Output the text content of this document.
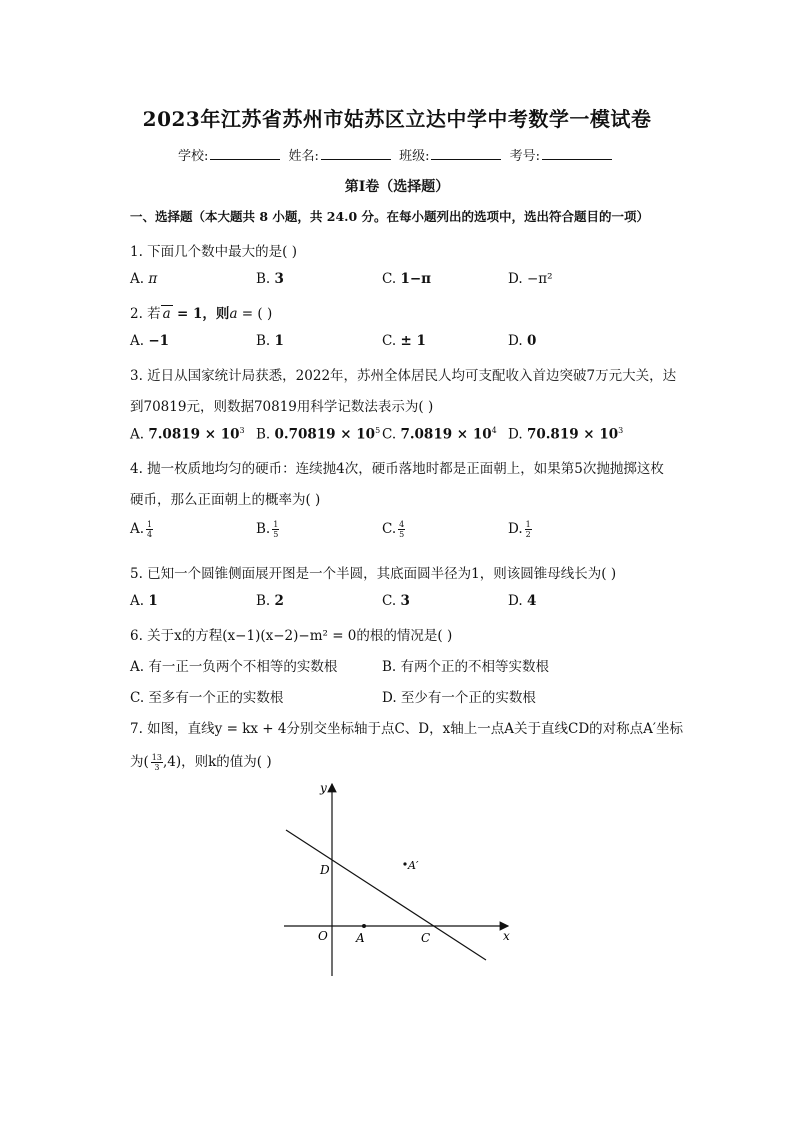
2023年江苏省苏州市姑苏区立达中学中考数学一模试卷
学校:	姓名:	班级:	考号:
第I卷（选择题）
一、选择题（本大题共 8 小题，共 24.0 分。在每小题列出的选项中，选出符合题目的一项）
1. 下面几个数中最大的是( )
A. π	B. 3	C. 1−π	D. −π²
2. 若 a = 1，则a = ( )
A. −1	B. 1	C. ± 1	D. 0
3. 近日从国家统计局获悉，2022年，苏州全体居民人均可支配收入首边突破7万元大关，达
到70819元，则数据70819用科学记数法表示为( )
A. $7.0819 \times 10^3$ B. $0.70819 \times 10^5$ C. $7.0819 \times 10^4$ D. $70.819 \times 10^3$
4. 抛一枚质地均匀的硬币：连续抛4次，硬币落地时都是正面朝上，如果第5次抛抛掷这枚
硬币，那么正面朝上的概率为( )
A. $\frac{1}{4}$	B. $\frac{1}{5}$	C. $\frac{4}{5}$	D. $\frac{1}{2}$
5. 已知一个圆锥侧面展开图是一个半圆，其底面圆半径为1，则该圆锥母线长为( )
A. 1	B. 2	C. 3	D. 4
6. 关于x的方程(x−1)(x−2)−m² = 0的根的情况是( )
A. 有一正一负两个不相等的实数根	B. 有两个正的不相等实数根
C. 至多有一个正的实数根	D. 至少有一个正的实数根
7. 如图，直线y = kx + 4分别交坐标轴于点C、D，x轴上一点A关于直线CD的对称点A′坐标
为( $\frac{13}{3} ,4$)，则k的值为( )
x
y
O A	C
D	A′
